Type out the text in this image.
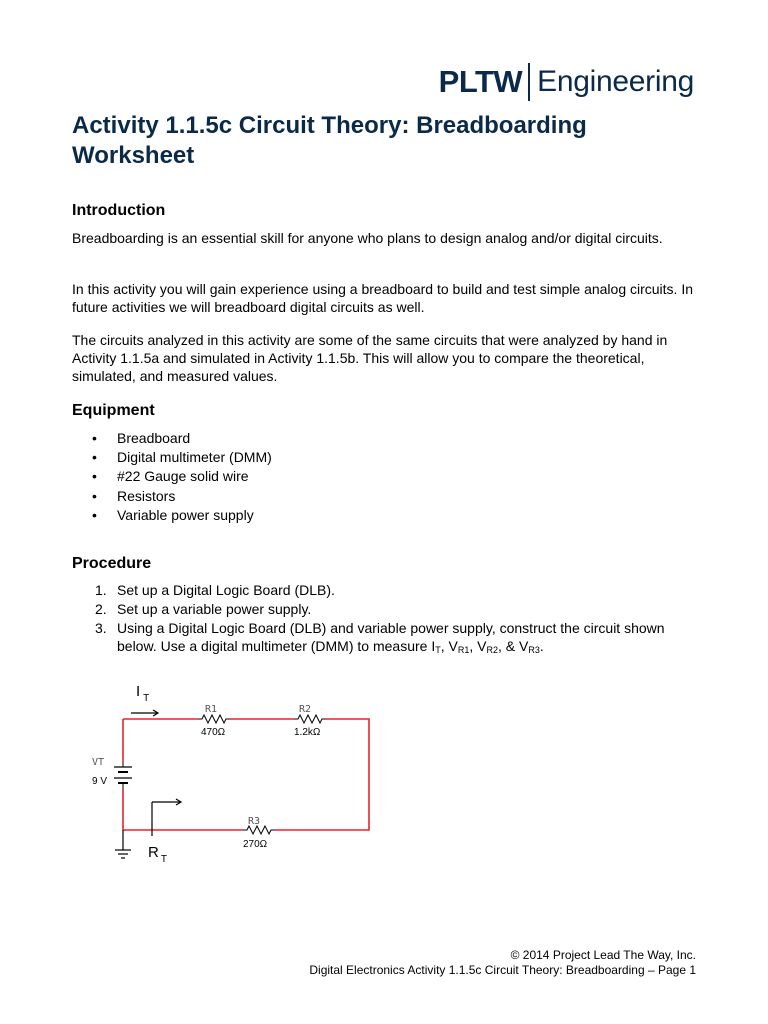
PLTW Engineering
Activity 1.1.5c Circuit Theory: Breadboarding Worksheet
Introduction

Breadboarding is an essential skill for anyone who plans to design analog and/or digital circuits.

In this activity you will gain experience using a breadboard to build and test simple analog circuits. In future activities we will breadboard digital circuits as well.

The circuits analyzed in this activity are some of the same circuits that were analyzed by hand in Activity 1.1.5a and simulated in Activity 1.1.5b. This will allow you to compare the theoretical, simulated, and measured values.

Equipment
• Breadboard
• Digital multimeter (DMM)
• #22 Gauge solid wire
• Resistors
• Variable power supply
Procedure
1. Set up a Digital Logic Board (DLB).
2. Set up a variable power supply.
3. Using a Digital Logic Board (DLB) and variable power supply, construct the circuit shown below. Use a digital multimeter (DMM) to measure $I_T$, $V_{R1}$, $V_{R2}$, & $V_{R3}$.
I $_T$
R $_T$
VT
9 V
R1
470Ω
R2
1.2kΩ
R3
270Ω
© 2014 Project Lead The Way, Inc.
Digital Electronics Activity 1.1.5c Circuit Theory: Breadboarding – Page 1
